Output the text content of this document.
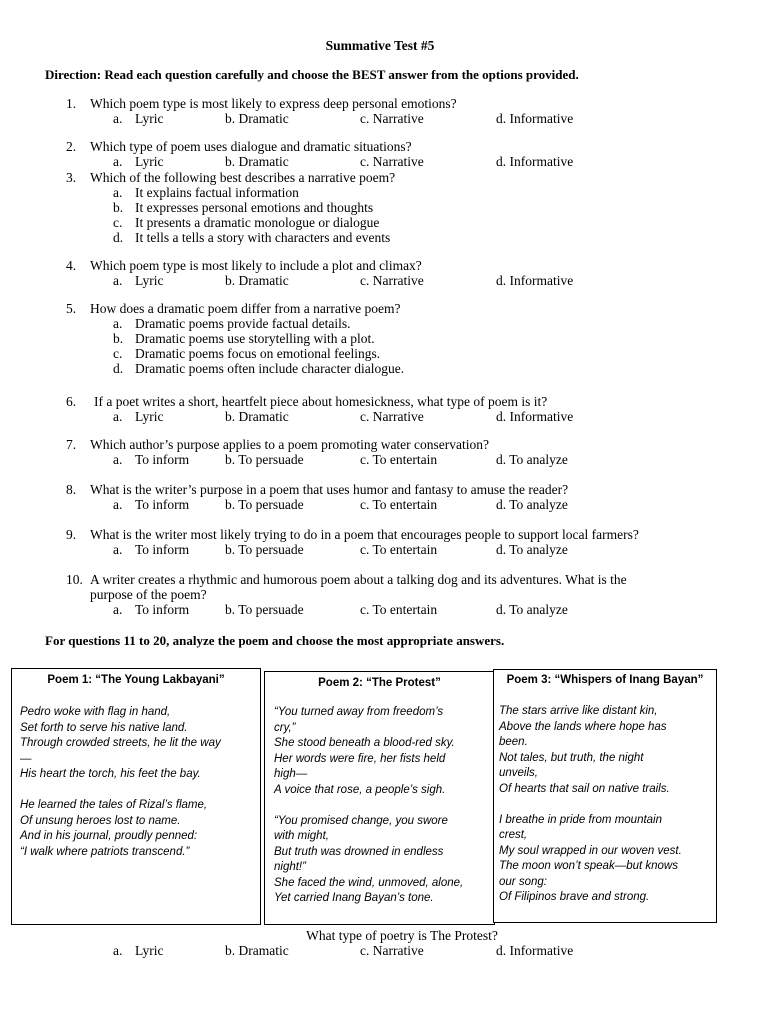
Summative Test #5
Direction: Read each question carefully and choose the BEST answer from the options provided.
1. Which poem type is most likely to express deep personal emotions?
a. Lyric	b. Dramatic	c. Narrative	d. Informative
2. Which type of poem uses dialogue and dramatic situations?
a. Lyric	b. Dramatic	c. Narrative	d. Informative
3. Which of the following best describes a narrative poem?
a. It explains factual information
b. It expresses personal emotions and thoughts
c. It presents a dramatic monologue or dialogue
d. It tells a tells a story with characters and events
4. Which poem type is most likely to include a plot and climax?
a. Lyric	b. Dramatic	c. Narrative	d. Informative
5. How does a dramatic poem differ from a narrative poem?
a. Dramatic poems provide factual details.
b. Dramatic poems use storytelling with a plot.
c. Dramatic poems focus on emotional feelings.
d. Dramatic poems often include character dialogue.
6. If a poet writes a short, heartfelt piece about homesickness, what type of poem is it?
a. Lyric	b. Dramatic	c. Narrative	d. Informative
7. Which author’s purpose applies to a poem promoting water conservation?
a. To inform	b. To persuade	c. To entertain	d. To analyze
8. What is the writer’s purpose in a poem that uses humor and fantasy to amuse the reader?
a. To inform	b. To persuade	c. To entertain	d. To analyze
9. What is the writer most likely trying to do in a poem that encourages people to support local farmers?
a. To inform	b. To persuade	c. To entertain	d. To analyze
10. A writer creates a rhythmic and humorous poem about a talking dog and its adventures. What is the
purpose of the poem?
a. To inform	b. To persuade	c. To entertain	d. To analyze
For questions 11 to 20, analyze the poem and choose the most appropriate answers.
Poem 1: “The Young Lakbayani”
Pedro woke with flag in hand,
Set forth to serve his native land.
Through crowded streets, he lit the way
—
His heart the torch, his feet the bay.
He learned the tales of Rizal’s flame,
Of unsung heroes lost to name.
And in his journal, proudly penned:
“I walk where patriots transcend.”
Poem 2: “The Protest”
“You turned away from freedom’s
cry,”
She stood beneath a blood-red sky.
Her words were fire, her fists held
high—
A voice that rose, a people’s sigh.
“You promised change, you swore
with might,
But truth was drowned in endless
night!”
She faced the wind, unmoved, alone,
Yet carried Inang Bayan’s tone.
Poem 3: “Whispers of Inang Bayan”
The stars arrive like distant kin,
Above the lands where hope has
been.
Not tales, but truth, the night
unveils,
Of hearts that sail on native trails.
I breathe in pride from mountain
crest,
My soul wrapped in our woven vest.
The moon won’t speak—but knows
our song:
Of Filipinos brave and strong.
What type of poetry is The Protest?
a. Lyric	b. Dramatic	c. Narrative	d. Informative
